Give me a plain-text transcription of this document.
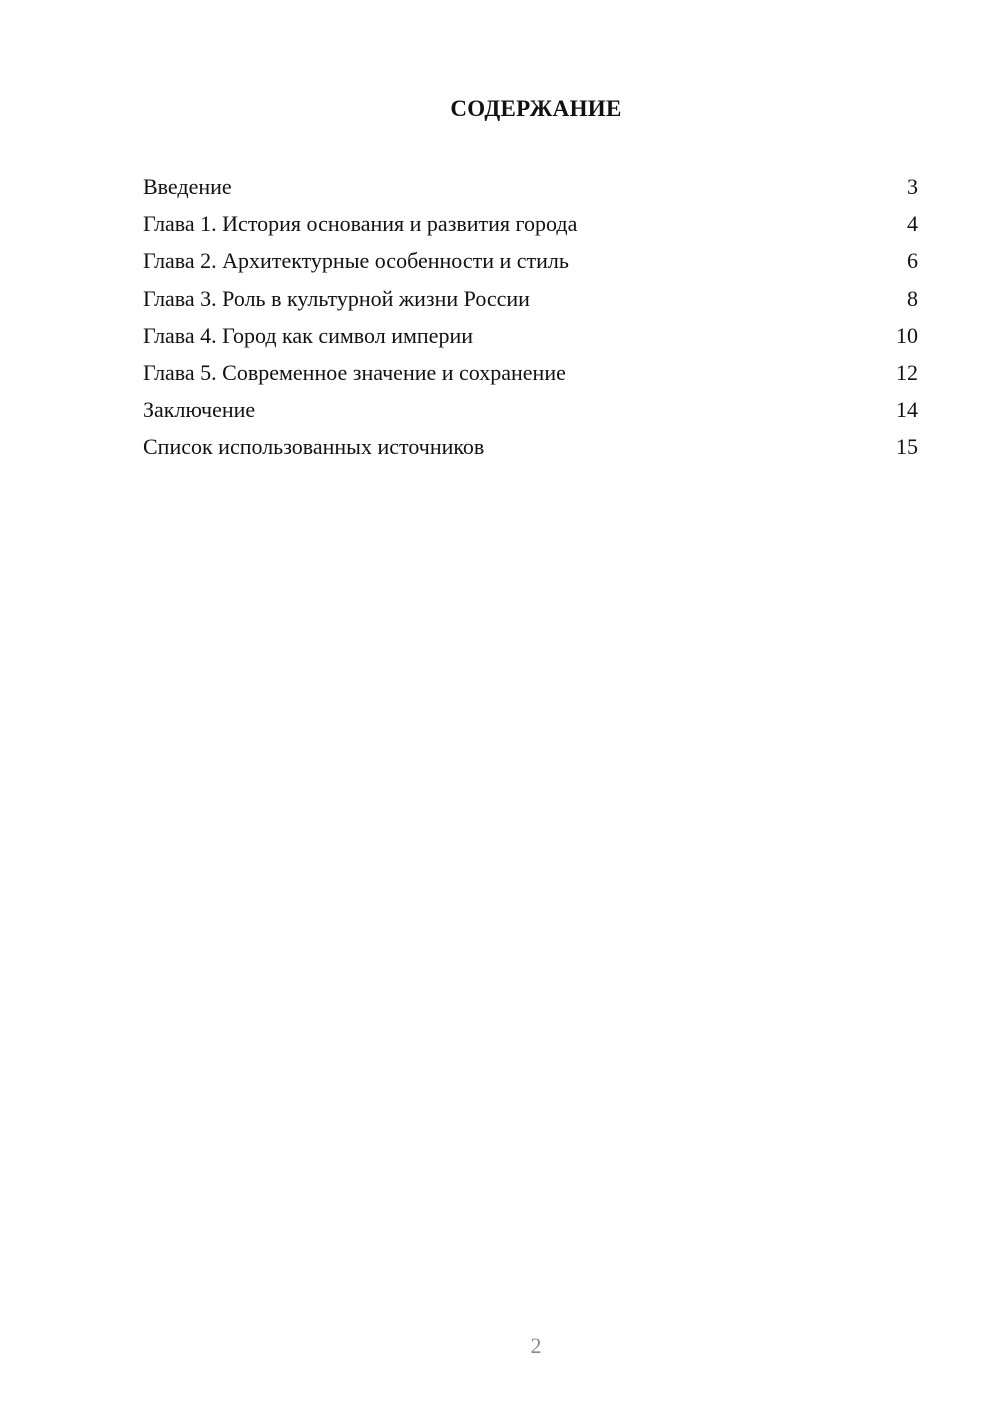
СОДЕРЖАНИЕ
Введение	3
Глава 1. История основания и развития города	4
Глава 2. Архитектурные особенности и стиль	6
Глава 3. Роль в культурной жизни России	8
Глава 4. Город как символ империи	10
Глава 5. Современное значение и сохранение	12
Заключение	14
Список использованных источников	15
2
